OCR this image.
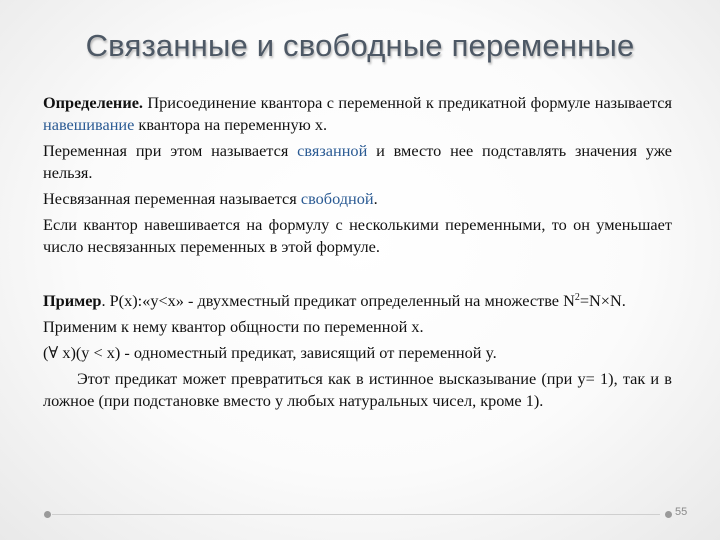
Связанные и свободные переменные

Определение. Присоединение квантора с переменной к предикатной формуле называется навешивание квантора на переменную x.

Переменная при этом называется связанной и вместо нее подставлять значения уже нельзя.

Несвязанная переменная называется свободной.

Если квантор навешивается на формулу с несколькими переменными, то он уменьшает число несвязанных переменных в этой формуле.

Пример. P(x):«y<x» - двухместный предикат определенный на множестве $N^2=N\times N$.

Применим к нему квантор общности по переменной x.

(∀ x)(y < x) - одноместный предикат, зависящий от переменной y.

Этот предикат может превратиться как в истинное высказывание (при y= 1), так и в ложное (при подстановке вместо y любых натуральных чисел, кроме 1).

55
